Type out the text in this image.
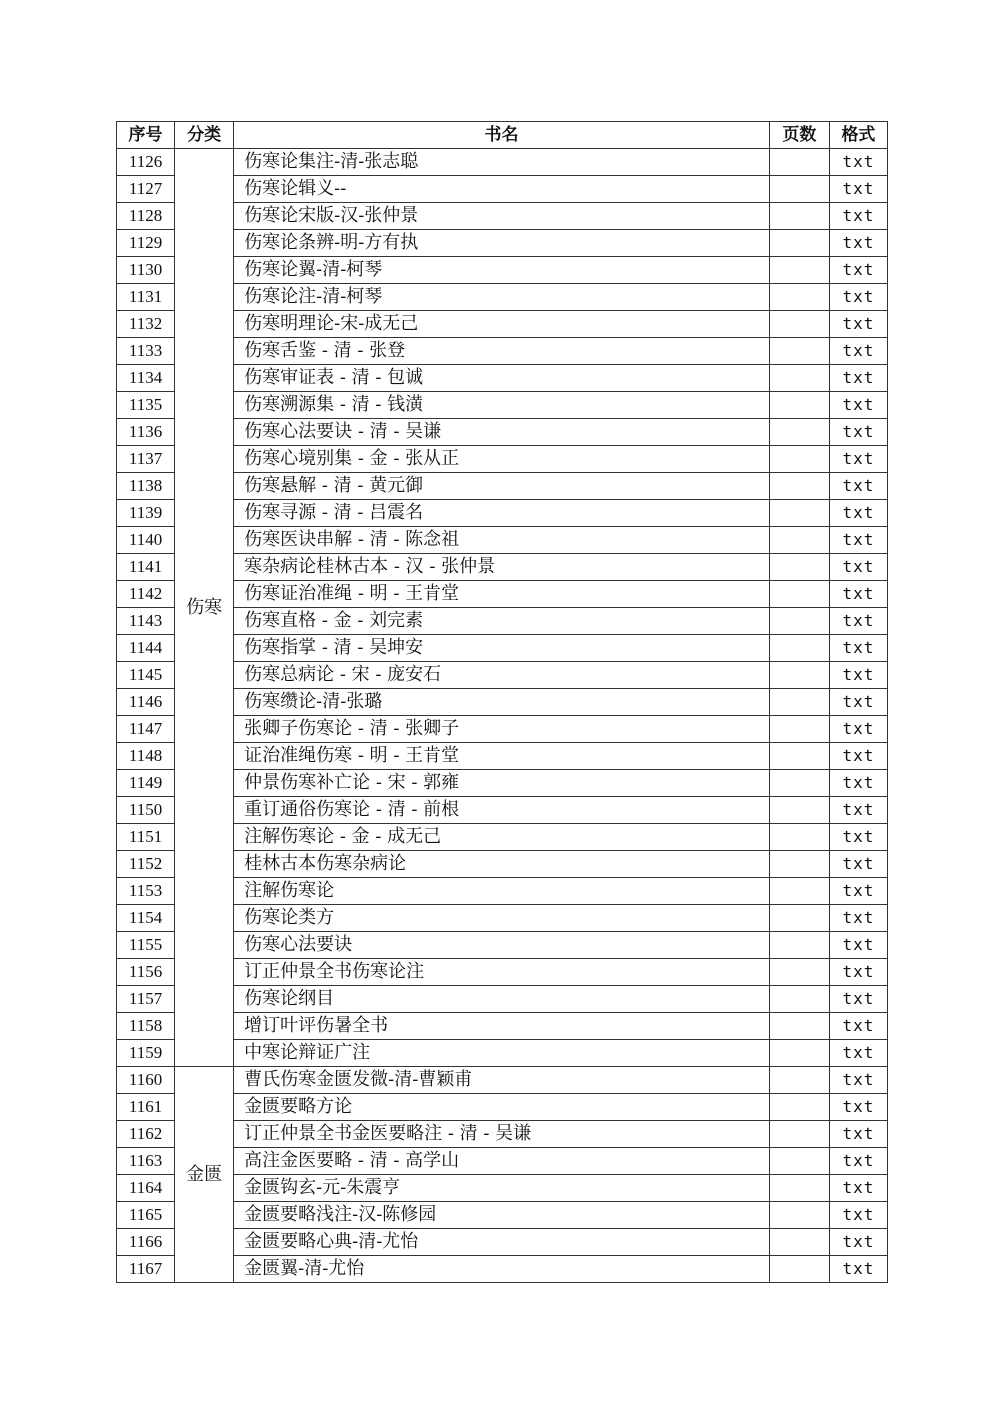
序号	分类	书名	页数	格式
1126	伤寒	伤寒论集注-清-张志聪		txt
1127		伤寒论辑义--		txt
1128		伤寒论宋版-汉-张仲景		txt
1129		伤寒论条辨-明-方有执		txt
1130		伤寒论翼-清-柯琴		txt
1131		伤寒论注-清-柯琴		txt
1132		伤寒明理论-宋-成无己		txt
1133		伤寒舌鉴 - 清 - 张登		txt
1134		伤寒审证表 - 清 - 包诚		txt
1135		伤寒溯源集 - 清 - 钱潢		txt
1136		伤寒心法要诀 - 清 - 吴谦		txt
1137		伤寒心境别集 - 金 - 张从正		txt
1138		伤寒悬解 - 清 - 黄元御		txt
1139		伤寒寻源 - 清 - 吕震名		txt
1140		伤寒医诀串解 - 清 - 陈念祖		txt
1141		寒杂病论桂林古本 - 汉 - 张仲景		txt
1142		伤寒证治准绳 - 明 - 王肯堂		txt
1143		伤寒直格 - 金 - 刘完素		txt
1144		伤寒指掌 - 清 - 吴坤安		txt
1145		伤寒总病论 - 宋 - 庞安石		txt
1146		伤寒缵论-清-张璐		txt
1147		张卿子伤寒论 - 清 - 张卿子		txt
1148		证治准绳伤寒 - 明 - 王肯堂		txt
1149		仲景伤寒补亡论 - 宋 - 郭雍		txt
1150		重订通俗伤寒论 - 清 - 前根		txt
1151		注解伤寒论 - 金 - 成无己		txt
1152		桂林古本伤寒杂病论		txt
1153		注解伤寒论		txt
1154		伤寒论类方		txt
1155		伤寒心法要诀		txt
1156		订正仲景全书伤寒论注		txt
1157		伤寒论纲目		txt
1158		增订叶评伤暑全书		txt
1159		中寒论辩证广注		txt
1160	金匮	曹氏伤寒金匮发微-清-曹颖甫		txt
1161		金匮要略方论		txt
1162		订正仲景全书金医要略注 - 清 - 吴谦		txt
1163		高注金医要略 - 清 - 高学山		txt
1164		金匮钩玄-元-朱震亨		txt
1165		金匮要略浅注-汉-陈修园		txt
1166		金匮要略心典-清-尤怡		txt
1167		金匮翼-清-尤怡		txt
